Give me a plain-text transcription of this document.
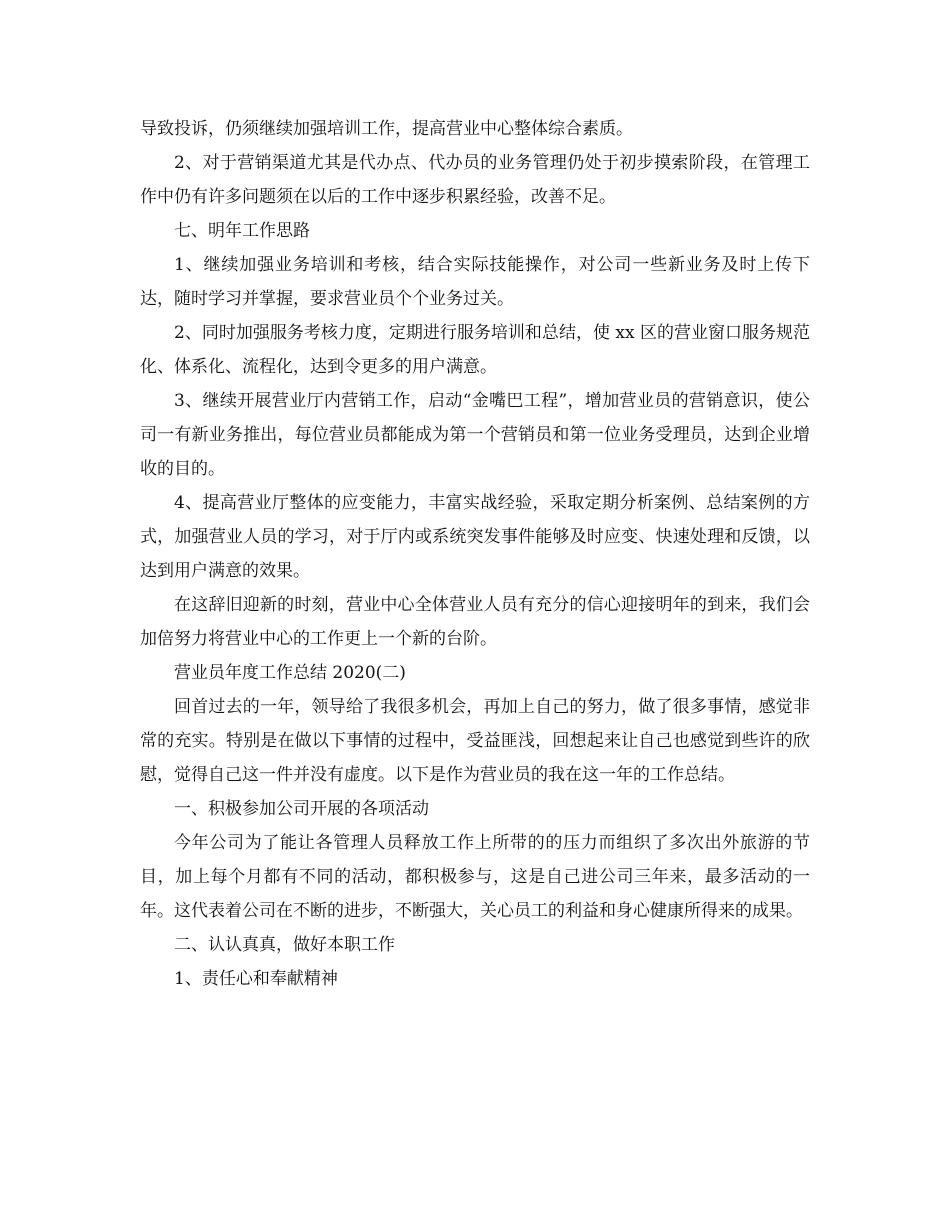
导致投诉，仍须继续加强培训工作，提高营业中心整体综合素质。

2、对于营销渠道尤其是代办点、代办员的业务管理仍处于初步摸索阶段，在管理工作中仍有许多问题须在以后的工作中逐步积累经验，改善不足。

七、明年工作思路

1、继续加强业务培训和考核，结合实际技能操作，对公司一些新业务及时上传下达，随时学习并掌握，要求营业员个个业务过关。

2、同时加强服务考核力度，定期进行服务培训和总结，使 xx 区的营业窗口服务规范化、体系化、流程化，达到令更多的用户满意。

3、继续开展营业厅内营销工作，启动“金嘴巴工程”，增加营业员的营销意识，使公司一有新业务推出，每位营业员都能成为第一个营销员和第一位业务受理员，达到企业增收的目的。

4、提高营业厅整体的应变能力，丰富实战经验，采取定期分析案例、总结案例的方式，加强营业人员的学习，对于厅内或系统突发事件能够及时应变、快速处理和反馈，以达到用户满意的效果。

在这辞旧迎新的时刻，营业中心全体营业人员有充分的信心迎接明年的到来，我们会加倍努力将营业中心的工作更上一个新的台阶。

营业员年度工作总结 2020(二)

回首过去的一年，领导给了我很多机会，再加上自己的努力，做了很多事情，感觉非常的充实。特别是在做以下事情的过程中，受益匪浅，回想起来让自己也感觉到些许的欣慰，觉得自己这一件并没有虚度。以下是作为营业员的我在这一年的工作总结。

一、积极参加公司开展的各项活动

今年公司为了能让各管理人员释放工作上所带的的压力而组织了多次出外旅游的节目，加上每个月都有不同的活动，都积极参与，这是自己进公司三年来，最多活动的一年。这代表着公司在不断的进步，不断强大，关心员工的利益和身心健康所得来的成果。

二、认认真真，做好本职工作

1、责任心和奉献精神
